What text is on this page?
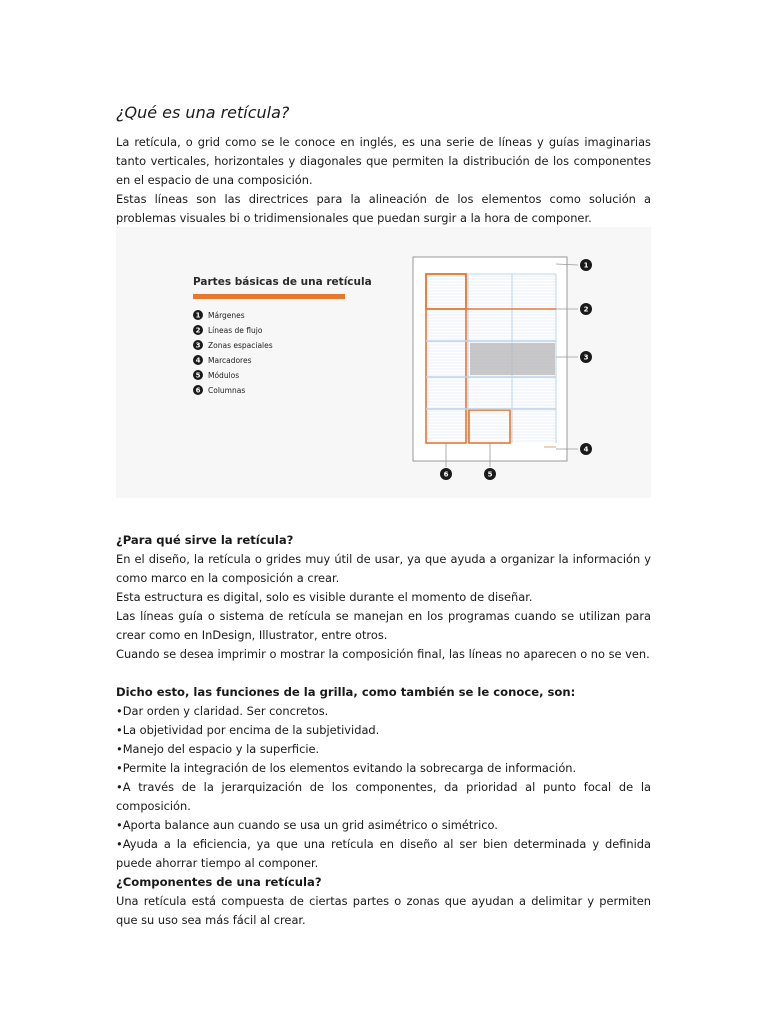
¿Qué es una retícula?

La retícula, o grid como se le conoce en inglés, es una serie de líneas y guías imaginarias tanto verticales, horizontales y diagonales que permiten la distribución de los componentes en el espacio de una composición.

Estas líneas son las directrices para la alineación de los elementos como solución a problemas visuales bi o tridimensionales que puedan surgir a la hora de componer.

Partes básicas de una retícula
1 Márgenes
2 Líneas de flujo
3 Zonas espaciales
4 Marcadores
5 Módulos
6 Columnas
1
2
3
4
6	5
¿Para qué sirve la retícula?

En el diseño, la retícula o grides muy útil de usar, ya que ayuda a organizar la información y como marco en la composición a crear.

Esta estructura es digital, solo es visible durante el momento de diseñar.

Las líneas guía o sistema de retícula se manejan en los programas cuando se utilizan para crear como en InDesign, Illustrator, entre otros.

Cuando se desea imprimir o mostrar la composición final, las líneas no aparecen o no se ven.

Dicho esto, las funciones de la grilla, como también se le conoce, son:

•Dar orden y claridad. Ser concretos.

•La objetividad por encima de la subjetividad.

•Manejo del espacio y la superficie.

•Permite la integración de los elementos evitando la sobrecarga de información.

•A través de la jerarquización de los componentes, da prioridad al punto focal de la composición.

•Aporta balance aun cuando se usa un grid asimétrico o simétrico.

•Ayuda a la eficiencia, ya que una retícula en diseño al ser bien determinada y definida puede ahorrar tiempo al componer.

¿Componentes de una retícula?

Una retícula está compuesta de ciertas partes o zonas que ayudan a delimitar y permiten que su uso sea más fácil al crear.
